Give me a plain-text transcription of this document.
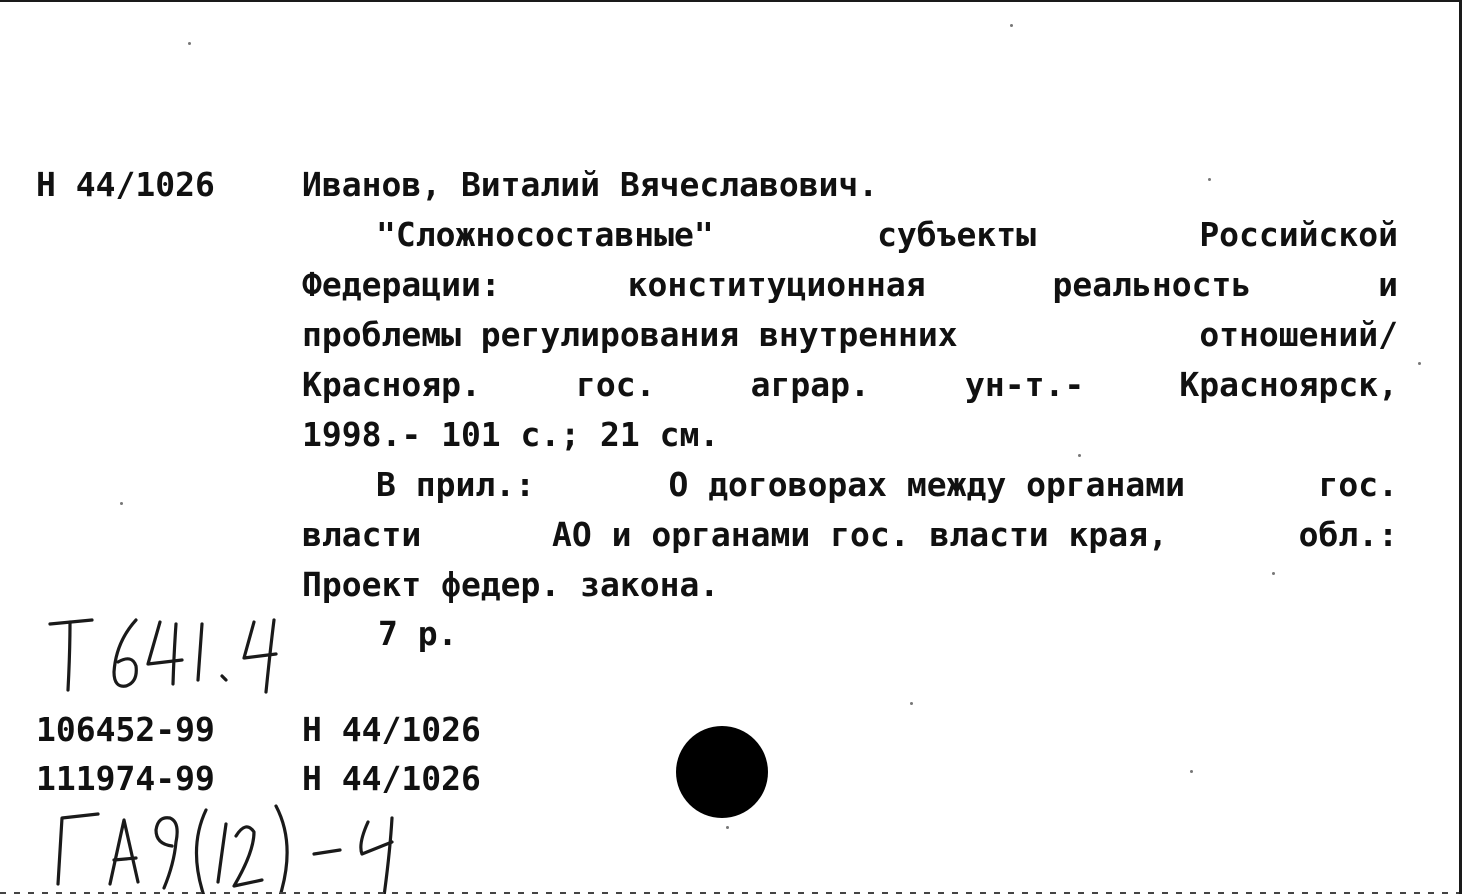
Н 44/1026	Иванов, Виталий Вячеславович.
"Сложносоставные"	субъекты	Российской
Федерации:	конституционная	реальность	и
проблемы регулирования внутренних	отношений/
Краснояр.	гос.	аграр.	ун-т.-	Красноярск,
1998.- 101 с.; 21 см.
В прил.:	О договорах между органами	гос.
власти	АО и органами гос. власти края,	обл.:
Проект федер. закона.
7 р.
106452-99	Н 44/1026
111974-99	Н 44/1026
